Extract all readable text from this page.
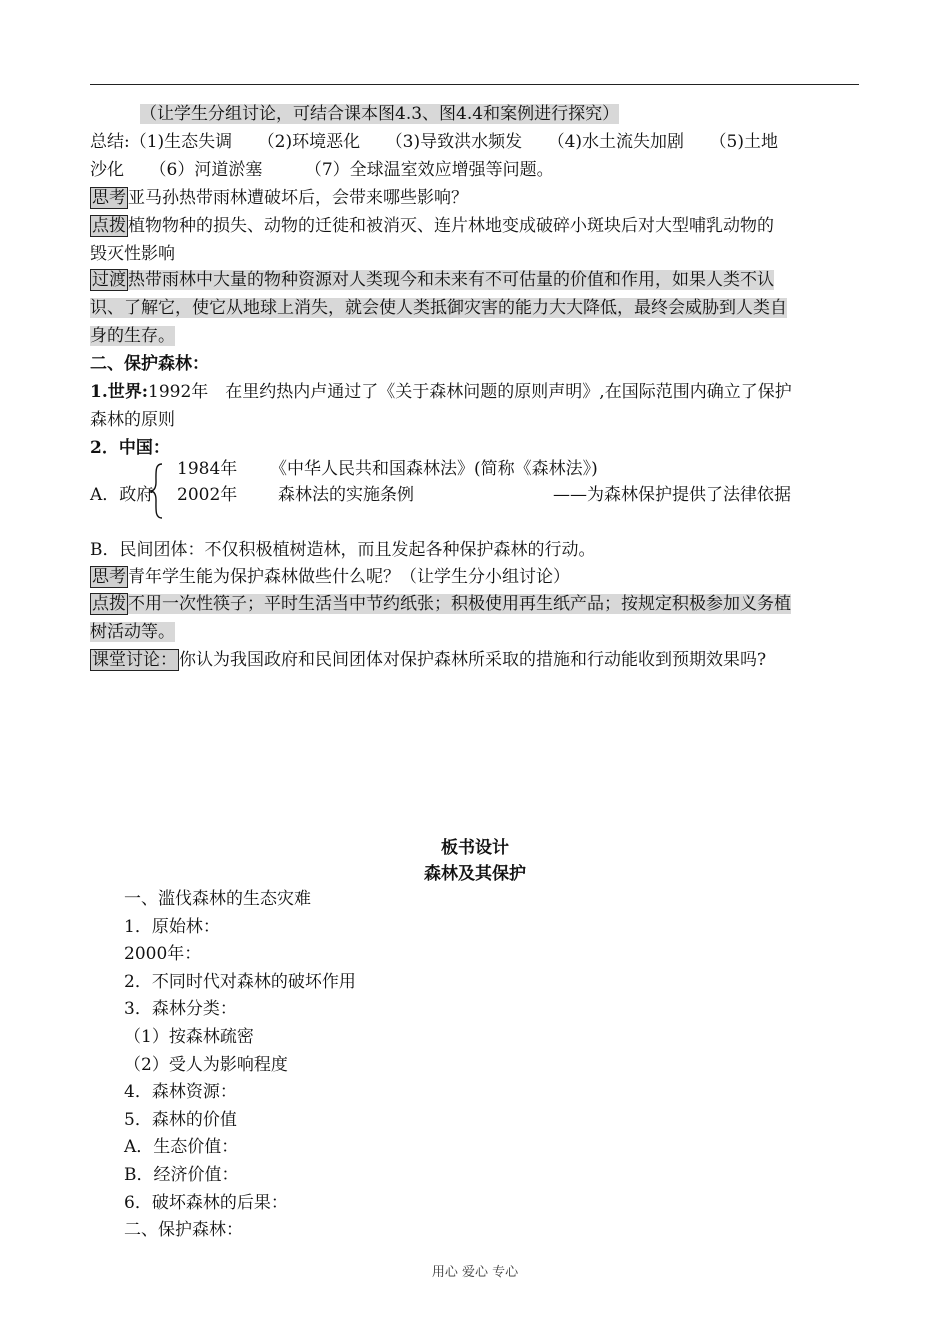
（让学生分组讨论，可结合课本图4.3、图4.4和案例进行探究）
总结:（1)生态失调　　（2)环境恶化　　（3)导致洪水频发　　（4)水土流失加剧　　（5)土地
沙化　　（6）河道淤塞　　　（7）全球温室效应增强等问题。
思考 亚马孙热带雨林遭破坏后，会带来哪些影响？
点拨 植物物种的损失、动物的迁徙和被消灭、连片林地变成破碎小斑块后对大型哺乳动物的
毁灭性影响
过渡 热带雨林中大量的物种资源对人类现今和未来有不可估量的价值和作用，如果人类不认
识、了解它，使它从地球上消失，就会使人类抵御灾害的能力大大降低，最终会威胁到人类自
身的生存。
二、保护森林：
1.世界:1992年　在里约热内卢通过了《关于森林问题的原则声明》,在国际范围内确立了保护
森林的原则
2．中国：
1984年 《中华人民共和国森林法》(简称《森林法》)
A．政府 2002年 森林法的实施条例	——为森林保护提供了法律依据
B．民间团体：不仅积极植树造林，而且发起各种保护森林的行动。
思考 青年学生能为保护森林做些什么呢？（让学生分小组讨论）
点拨 不用一次性筷子；平时生活当中节约纸张；积极使用再生纸产品；按规定积极参加义务植
树活动等。
课堂讨论： 你认为我国政府和民间团体对保护森林所采取的措施和行动能收到预期效果吗?
板书设计
森林及其保护
一、滥伐森林的生态灾难
1．原始林：
2000年：
2．不同时代对森林的破坏作用
3．森林分类：
（1）按森林疏密
（2）受人为影响程度
4．森林资源：
5．森林的价值
A．生态价值：
B．经济价值：
6．破坏森林的后果：
二、保护森林：
用心 爱心 专心
